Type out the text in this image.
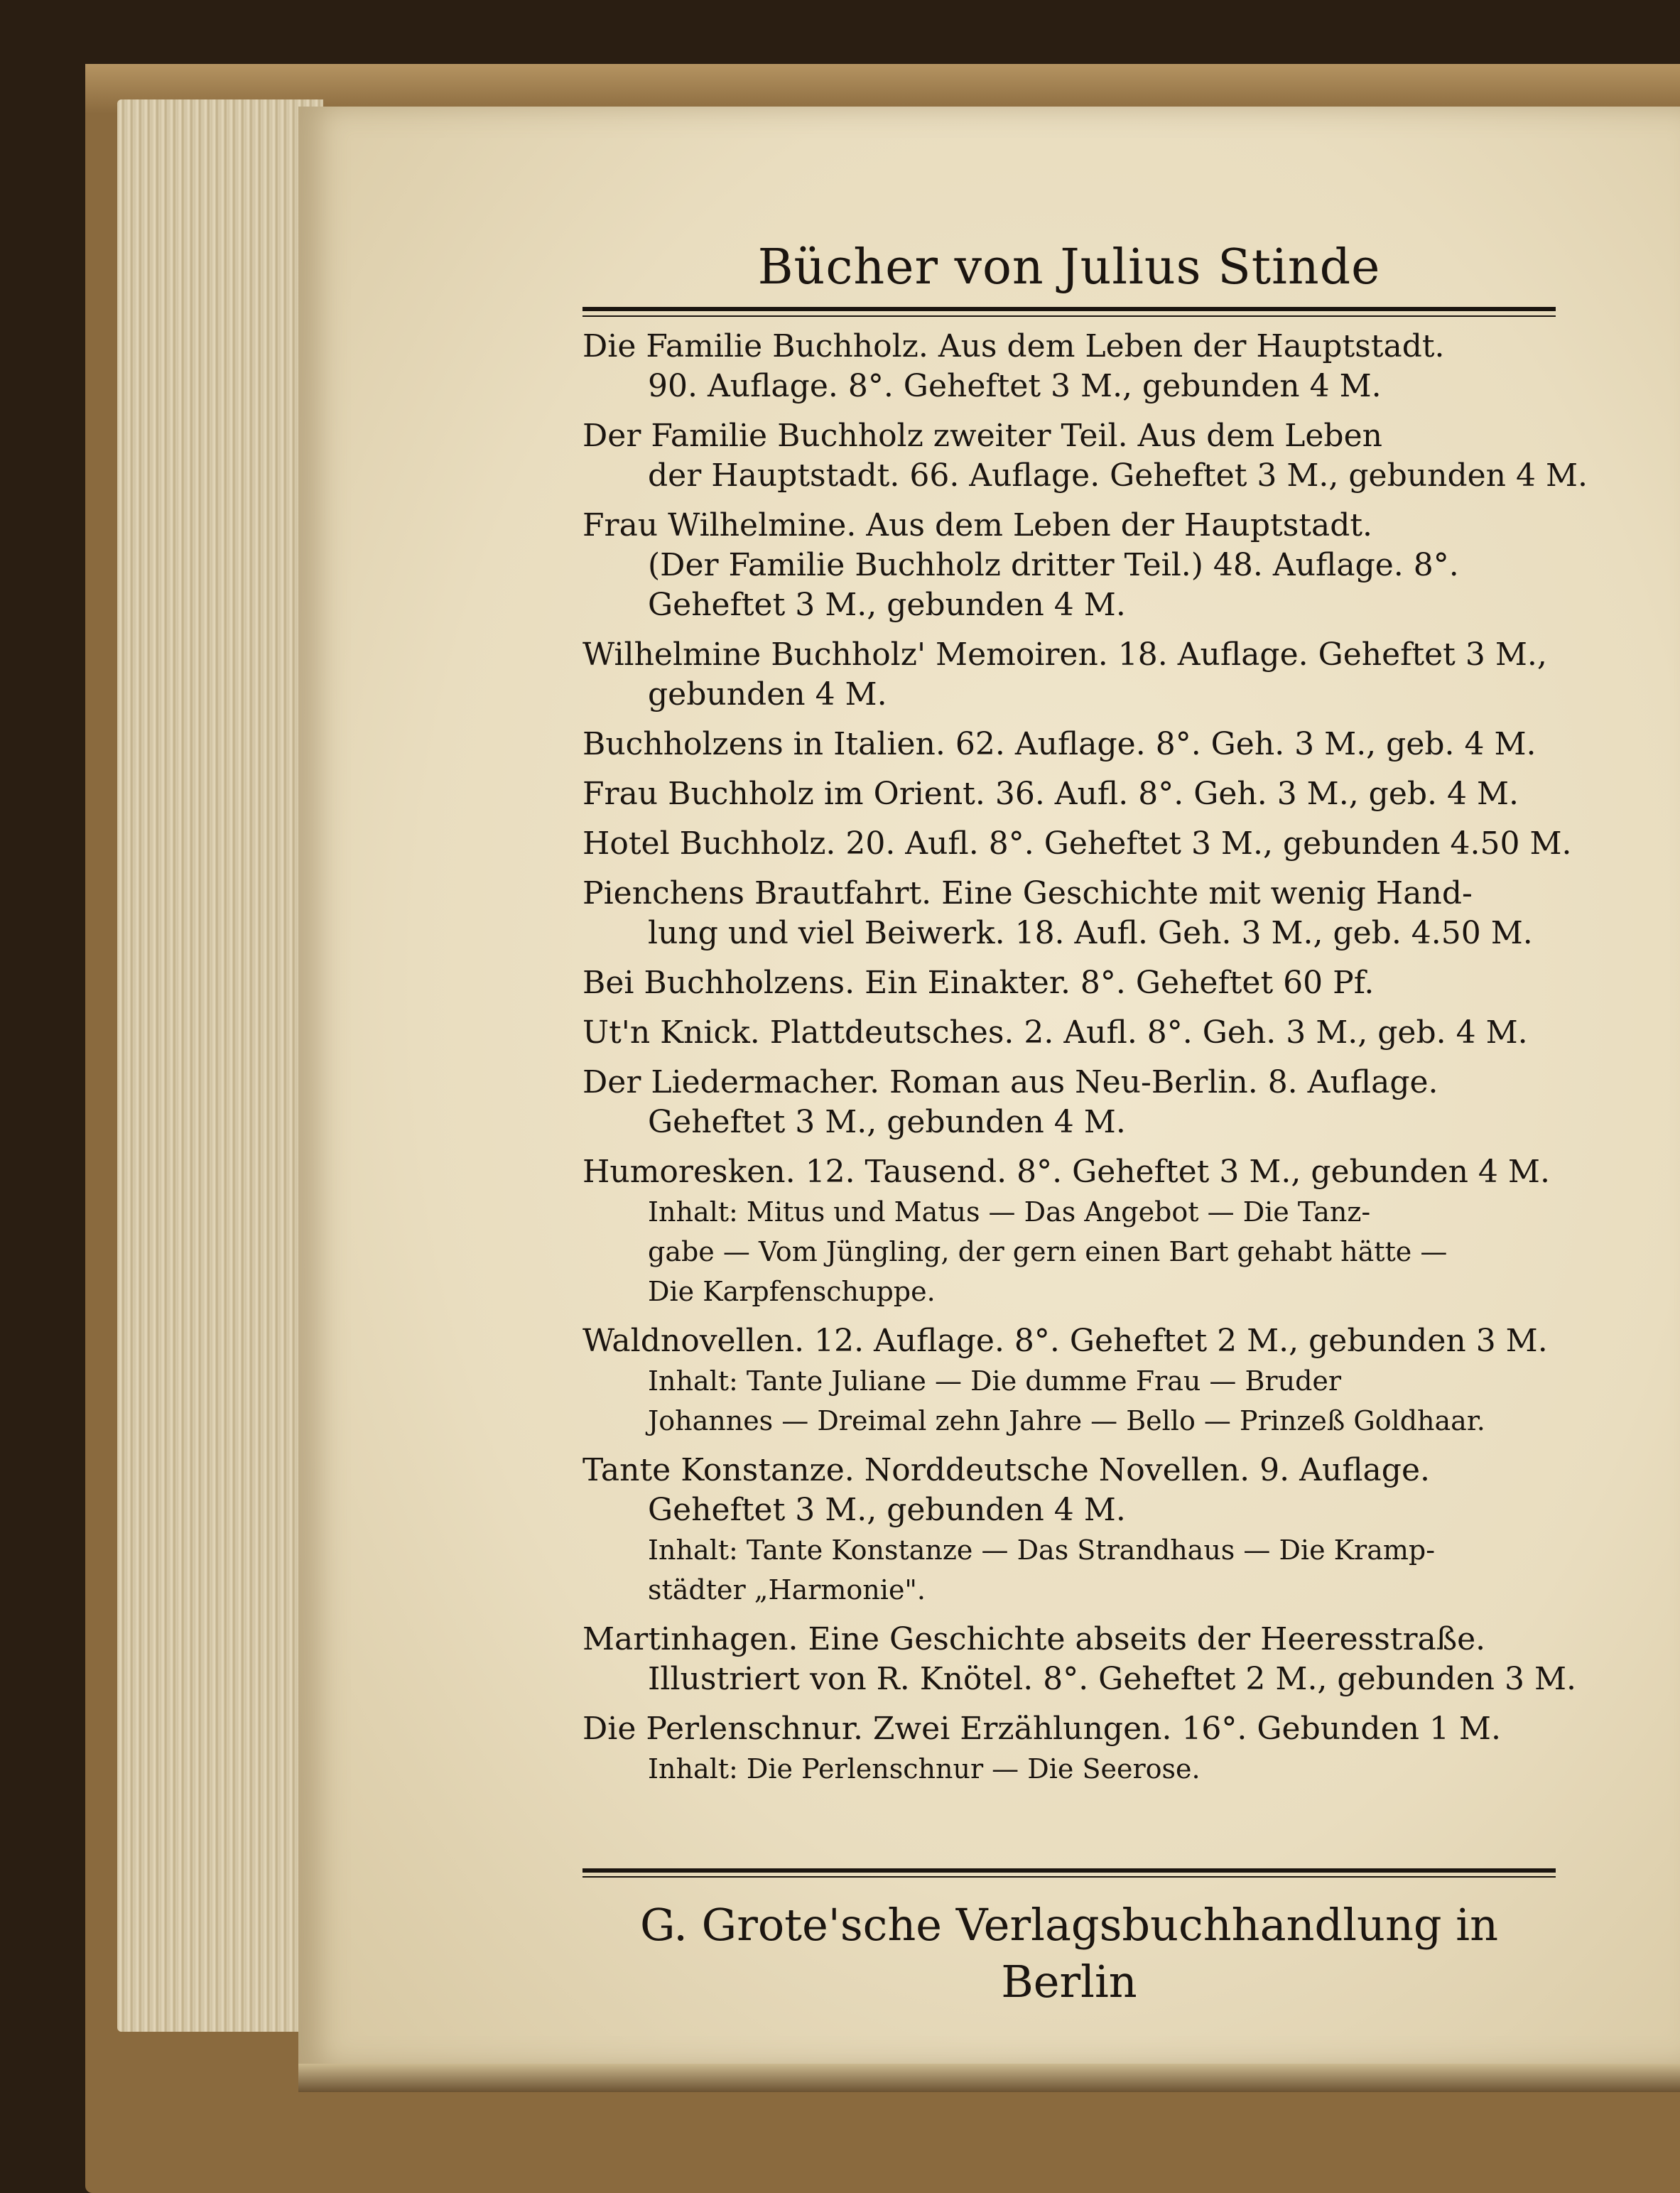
Bücher von Julius Stinde
Die Familie Buchholz. Aus dem Leben der Hauptstadt.
90. Auflage. 8°. Geheftet 3 M., gebunden 4 M.
Der Familie Buchholz zweiter Teil. Aus dem Leben
der Hauptstadt. 66. Auflage. Geheftet 3 M., gebunden 4 M.
Frau Wilhelmine. Aus dem Leben der Hauptstadt.
(Der Familie Buchholz dritter Teil.) 48. Auflage. 8°.
Geheftet 3 M., gebunden 4 M.
Wilhelmine Buchholz' Memoiren. 18. Auflage. Geheftet 3 M.,
gebunden 4 M.
Buchholzens in Italien. 62. Auflage. 8°. Geh. 3 M., geb. 4 M.
Frau Buchholz im Orient. 36. Aufl. 8°. Geh. 3 M., geb. 4 M.
Hotel Buchholz. 20. Aufl. 8°. Geheftet 3 M., gebunden 4.50 M.
Pienchens Brautfahrt. Eine Geschichte mit wenig Hand-
lung und viel Beiwerk. 18. Aufl. Geh. 3 M., geb. 4.50 M.
Bei Buchholzens. Ein Einakter. 8°. Geheftet 60 Pf.
Ut'n Knick. Plattdeutsches. 2. Aufl. 8°. Geh. 3 M., geb. 4 M.
Der Liedermacher. Roman aus Neu-Berlin. 8. Auflage.
Geheftet 3 M., gebunden 4 M.
Humoresken. 12. Tausend. 8°. Geheftet 3 M., gebunden 4 M.
Inhalt: Mitus und Matus — Das Angebot — Die Tanz-
gabe — Vom Jüngling, der gern einen Bart gehabt hätte —
Die Karpfenschuppe.
Waldnovellen. 12. Auflage. 8°. Geheftet 2 M., gebunden 3 M.
Inhalt: Tante Juliane — Die dumme Frau — Bruder
Johannes — Dreimal zehn Jahre — Bello — Prinzeß Goldhaar.
Tante Konstanze. Norddeutsche Novellen. 9. Auflage.
Geheftet 3 M., gebunden 4 M.
Inhalt: Tante Konstanze — Das Strandhaus — Die Kramp-
städter „Harmonie".
Martinhagen. Eine Geschichte abseits der Heeresstraße.
Illustriert von R. Knötel. 8°. Geheftet 2 M., gebunden 3 M.
Die Perlenschnur. Zwei Erzählungen. 16°. Gebunden 1 M.
Inhalt: Die Perlenschnur — Die Seerose.
G. Grote'sche Verlagsbuchhandlung in Berlin
